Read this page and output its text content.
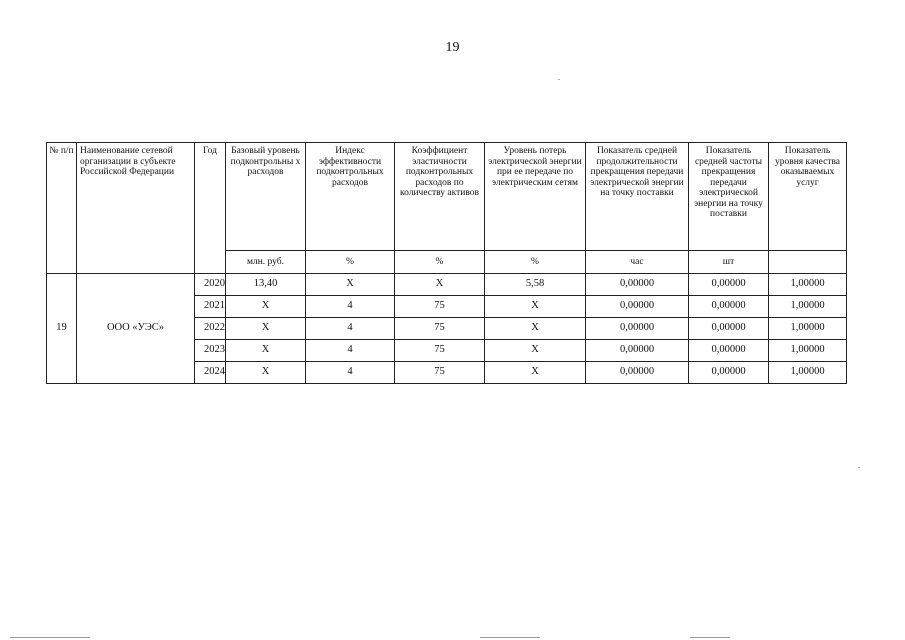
19
№ п/п	Наименование сетевой организации в субъекте Российской Федерации	Год	Базовый уровень подконтрольны х расходов	Индекс эффективности подконтрольных расходов	Коэффициент эластичности подконтрольных расходов по количеству активов	Уровень потерь электрической энергии при ее передаче по электрическим сетям	Показатель средней продолжительности прекращения передачи электрической энергии на точку поставки	Показатель средней частоты прекращения передачи электрической энергии на точку поставки	Показатель уровня качества оказываемых услуг
			млн. руб.	%	%	%	час	шт	
19	ООО «УЭС»	2020	13,40	Х	Х	5,58	0,00000	0,00000	1,00000
		2021	Х	4	75	Х	0,00000	0,00000	1,00000
		2022	Х	4	75	Х	0,00000	0,00000	1,00000
		2023	Х	4	75	Х	0,00000	0,00000	1,00000
		2024	Х	4	75	Х	0,00000	0,00000	1,00000
